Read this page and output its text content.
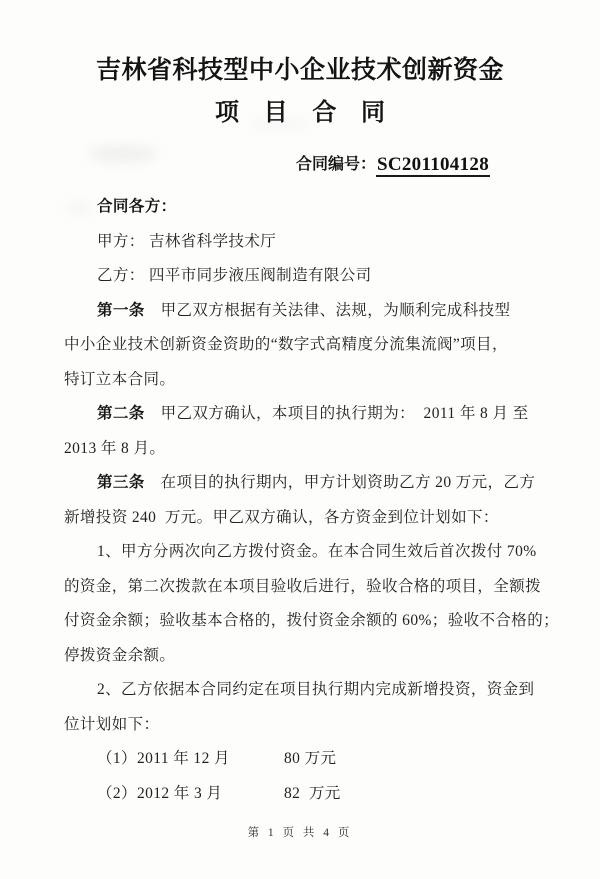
吉林省科技型中小企业技术创新资金
项 目 合 同

合同编号：SC201104128

合同各方：
甲方： 吉林省科学技术厅
乙方： 四平市同步液压阀制造有限公司
第一条　甲乙双方根据有关法律、法规，为顺利完成科技型
中小企业技术创新资金资助的“数字式高精度分流集流阀”项目，
特订立本合同。
第二条　甲乙双方确认，本项目的执行期为：  2011 年 8 月 至
2013 年 8 月。
第三条　在项目的执行期内，甲方计划资助乙方 20 万元，乙方
新增投资 240  万元。甲乙双方确认，各方资金到位计划如下：
1、甲方分两次向乙方拨付资金。在本合同生效后首次拨付 70%
的资金，第二次拨款在本项目验收后进行，验收合格的项目，全额拨
付资金余额；验收基本合格的，拨付资金余额的 60%；验收不合格的；
停拨资金余额。
2、乙方依据本合同约定在项目执行期内完成新增投资，资金到
位计划如下：
（1）2011 年 12 月	80 万元
（2）2012 年 3 月	82  万元
第 1 页 共 4 页
